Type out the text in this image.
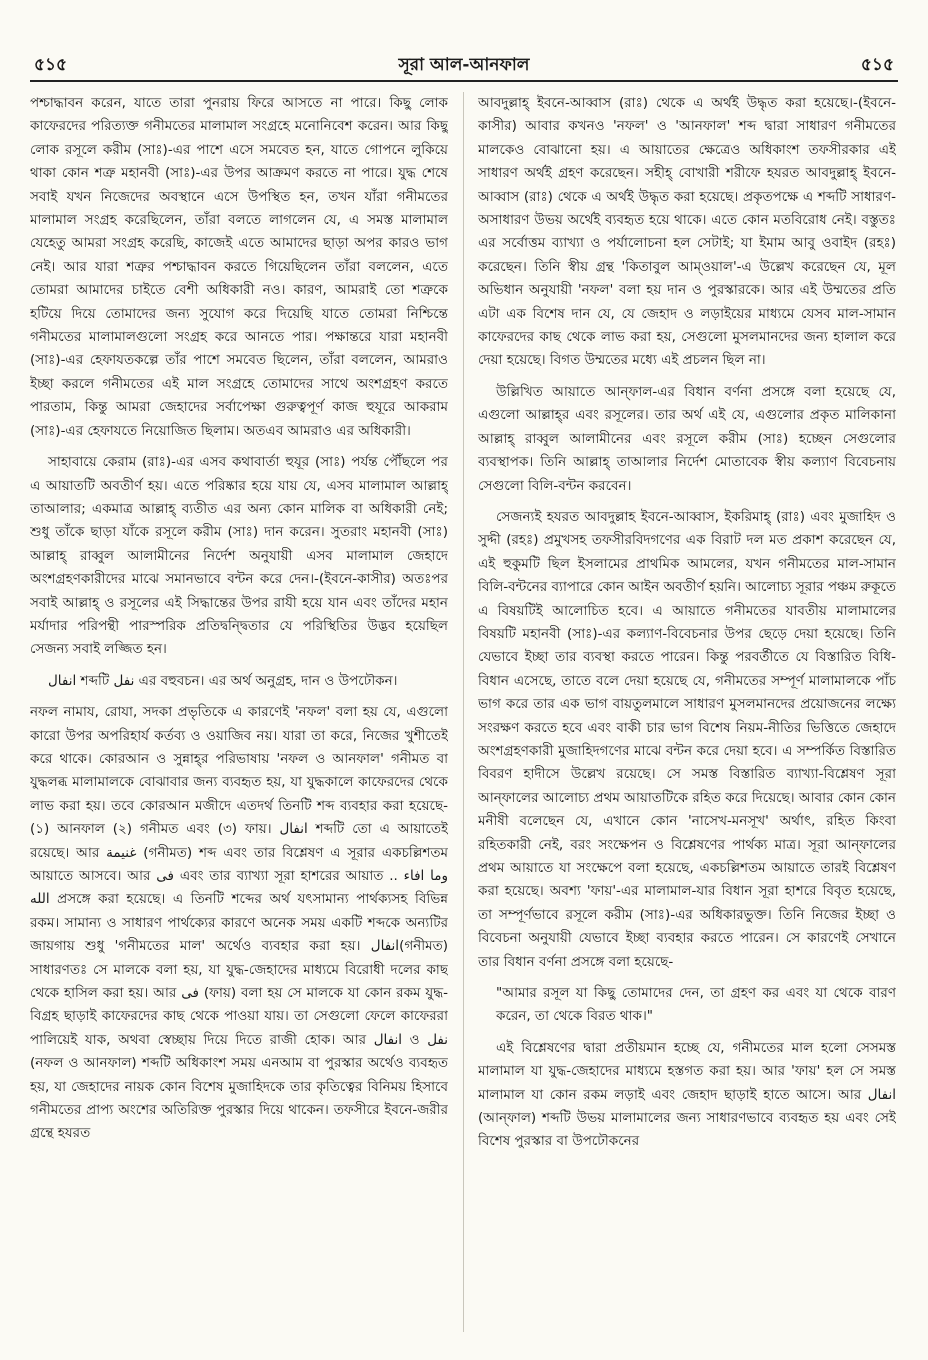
৫১৫	সূরা আল-আনফাল	৫১৫

পশ্চাদ্ধাবন করেন, যাতে তারা পুনরায় ফিরে আসতে না পারে। কিছু লোক কাফেরদের পরিত্যক্ত গনীমতের মালামাল সংগ্রহে মনোনিবেশ করেন। আর কিছু লোক রসূলে করীম (সাঃ)-এর পাশে এসে সমবেত হন, যাতে গোপনে লুকিয়ে থাকা কোন শত্রু মহানবী (সাঃ)-এর উপর আক্রমণ করতে না পারে। যুদ্ধ শেষে সবাই যখন নিজেদের অবস্থানে এসে উপস্থিত হন, তখন যাঁরা গনীমতের মালামাল সংগ্রহ করেছিলেন, তাঁরা বলতে লাগলেন যে, এ সমস্ত মালামাল যেহেতু আমরা সংগ্রহ করেছি, কাজেই এতে আমাদের ছাড়া অপর কারও ভাগ নেই। আর যারা শত্রুর পশ্চাদ্ধাবন করতে গিয়েছিলেন তাঁরা বললেন, এতে তোমরা আমাদের চাইতে বেশী অধিকারী নও। কারণ, আমরাই তো শত্রুকে হটিয়ে দিয়ে তোমাদের জন্য সুযোগ করে দিয়েছি যাতে তোমরা নিশ্চিন্তে গনীমতের মালামালগুলো সংগ্রহ করে আনতে পার। পক্ষান্তরে যারা মহানবী (সাঃ)-এর হেফাযতকল্পে তাঁর পাশে সমবেত ছিলেন, তাঁরা বললেন, আমরাও ইচ্ছা করলে গনীমতের এই মাল সংগ্রহে তোমাদের সাথে অংশগ্রহণ করতে পারতাম, কিন্তু আমরা জেহাদের সর্বাপেক্ষা গুরুত্বপূর্ণ কাজ হুযূরে আকরাম (সাঃ)-এর হেফাযতে নিয়োজিত ছিলাম। অতএব আমরাও এর অধিকারী।

সাহাবায়ে কেরাম (রাঃ)-এর এসব কথাবার্তা হুযূর (সাঃ) পর্যন্ত পৌঁছলে পর এ আয়াতটি অবতীর্ণ হয়। এতে পরিষ্কার হয়ে যায় যে, এসব মালামাল আল্লাহ্ তাআলার; একমাত্র আল্লাহ্ ব্যতীত এর অন্য কোন মালিক বা অধিকারী নেই; শুধু তাঁকে ছাড়া যাঁকে রসূলে করীম (সাঃ) দান করেন। সুতরাং মহানবী (সাঃ) আল্লাহ্ রাব্বুল আলামীনের নির্দেশ অনুযায়ী এসব মালামাল জেহাদে অংশগ্রহণকারীদের মাঝে সমানভাবে বন্টন করে দেন।-(ইবনে-কাসীর) অতঃপর সবাই আল্লাহ্ ও রসূলের এই সিদ্ধান্তের উপর রাযী হয়ে যান এবং তাঁদের মহান মর্যাদার পরিপন্থী পারস্পরিক প্রতিদ্বন্দ্বিতার যে পরিস্থিতির উদ্ভব হয়েছিল সেজন্য সবাই লজ্জিত হন।

انفال শব্দটি نفل এর বহুবচন। এর অর্থ অনুগ্রহ, দান ও উপঢৌকন।

নফল নামায, রোযা, সদকা প্রভৃতিকে এ কারণেই 'নফল' বলা হয় যে, এগুলো কারো উপর অপরিহার্য কর্তব্য ও ওয়াজিব নয়। যারা তা করে, নিজের খুশীতেই করে থাকে। কোরআন ও সুন্নাহ্‌র পরিভাষায় 'নফল ও আনফাল' গনীমত বা যুদ্ধলব্ধ মালামালকে বোঝাবার জন্য ব্যবহৃত হয়, যা যুদ্ধকালে কাফেরদের থেকে লাভ করা হয়। তবে কোরআন মজীদে এতদর্থ তিনটি শব্দ ব্যবহার করা হয়েছে- (১) আনফাল (২) গনীমত এবং (৩) ফায়। انفال শব্দটি তো এ আয়াতেই রয়েছে। আর غنيمة (গনীমত) শব্দ এবং তার বিশ্লেষণ এ সূরার একচল্লিশতম আয়াতে আসবে। আর فى এবং তার ব্যাখ্যা সূরা হাশরের আয়াত .. وما افاء الله প্রসঙ্গে করা হয়েছে। এ তিনটি শব্দের অর্থ যৎসামান্য পার্থক্যসহ বিভিন্ন রকম। সামান্য ও সাধারণ পার্থক্যের কারণে অনেক সময় একটি শব্দকে অন্যটির জায়গায় শুধু 'গনীমতের মাল' অর্থেও ব্যবহার করা হয়। انفال(গনীমত) সাধারণতঃ সে মালকে বলা হয়, যা যুদ্ধ-জেহাদের মাধ্যমে বিরোধী দলের কাছ থেকে হাসিল করা হয়। আর فى (ফায়) বলা হয় সে মালকে যা কোন রকম যুদ্ধ-বিগ্রহ ছাড়াই কাফেরদের কাছ থেকে পাওয়া যায়। তা সেগুলো ফেলে কাফেররা পালিয়েই যাক, অথবা স্বেচ্ছায় দিয়ে দিতে রাজী হোক। আর انفال ও نفل (নফল ও আনফাল) শব্দটি অধিকাংশ সময় এনআম বা পুরস্কার অর্থেও ব্যবহৃত হয়, যা জেহাদের নায়ক কোন বিশেষ মুজাহিদকে তার কৃতিত্বের বিনিময় হিসাবে গনীমতের প্রাপ্য অংশের অতিরিক্ত পুরস্কার দিয়ে থাকেন। তফসীরে ইবনে-জরীর গ্রন্থে হযরত

আবদুল্লাহ্ ইবনে-আব্বাস (রাঃ) থেকে এ অর্থই উদ্ধৃত করা হয়েছে।-(ইবনে-কাসীর) আবার কখনও 'নফল' ও 'আনফাল' শব্দ দ্বারা সাধারণ গনীমতের মালকেও বোঝানো হয়। এ আয়াতের ক্ষেত্রেও অধিকাংশ তফসীরকার এই সাধারণ অর্থই গ্রহণ করেছেন। সহীহ্ বোখারী শরীফে হযরত আবদুল্লাহ্ ইবনে-আব্বাস (রাঃ) থেকে এ অর্থই উদ্ধৃত করা হয়েছে। প্রকৃতপক্ষে এ শব্দটি সাধারণ-অসাধারণ উভয় অর্থেই ব্যবহৃত হয়ে থাকে। এতে কোন মতবিরোধ নেই। বস্তুতঃ এর সর্বোত্তম ব্যাখ্যা ও পর্যালোচনা হল সেটাই; যা ইমাম আবু ওবাইদ (রহঃ) করেছেন। তিনি স্বীয় গ্রন্থ 'কিতাবুল আম্ওয়াল'-এ উল্লেখ করেছেন যে, মূল অভিধান অনুযায়ী 'নফল' বলা হয় দান ও পুরস্কারকে। আর এই উম্মতের প্রতি এটা এক বিশেষ দান যে, যে জেহাদ ও লড়াইয়ের মাধ্যমে যেসব মাল-সামান কাফেরদের কাছ থেকে লাভ করা হয়, সেগুলো মুসলমানদের জন্য হালাল করে দেয়া হয়েছে। বিগত উম্মতের মধ্যে এই প্রচলন ছিল না।

উল্লিখিত আয়াতে আন্‌ফাল-এর বিধান বর্ণনা প্রসঙ্গে বলা হয়েছে যে, এগুলো আল্লাহ্‌র এবং রসূলের। তার অর্থ এই যে, এগুলোর প্রকৃত মালিকানা আল্লাহ্ রাব্বুল আলামীনের এবং রসূলে করীম (সাঃ) হচ্ছেন সেগুলোর ব্যবস্থাপক। তিনি আল্লাহ্ তাআলার নির্দেশ মোতাবেক স্বীয় কল্যাণ বিবেচনায় সেগুলো বিলি-বন্টন করবেন।

সেজন্যই হযরত আবদুল্লাহ ইবনে-আব্বাস, ইকরিমাহ্ (রাঃ) এবং মুজাহিদ ও সুদ্দী (রহঃ) প্রমুখসহ তফসীরবিদগণের এক বিরাট দল মত প্রকাশ করেছেন যে, এই হুকুমটি ছিল ইসলামের প্রাথমিক আমলের, যখন গনীমতের মাল-সামান বিলি-বন্টনের ব্যাপারে কোন আইন অবতীর্ণ হয়নি। আলোচ্য সূরার পঞ্চম রুকূতে এ বিষয়টিই আলোচিত হবে। এ আয়াতে গনীমতের যাবতীয় মালামালের বিষয়টি মহানবী (সাঃ)-এর কল্যাণ-বিবেচনার উপর ছেড়ে দেয়া হয়েছে। তিনি যেভাবে ইচ্ছা তার ব্যবস্থা করতে পারেন। কিন্তু পরবর্তীতে যে বিস্তারিত বিধি-বিধান এসেছে, তাতে বলে দেয়া হয়েছে যে, গনীমতের সম্পূর্ণ মালামালকে পাঁচ ভাগ করে তার এক ভাগ বায়তুলমালে সাধারণ মুসলমানদের প্রয়োজনের লক্ষ্যে সংরক্ষণ করতে হবে এবং বাকী চার ভাগ বিশেষ নিয়ম-নীতির ভিত্তিতে জেহাদে অংশগ্রহণকারী মুজাহিদগণের মাঝে বন্টন করে দেয়া হবে। এ সম্পর্কিত বিস্তারিত বিবরণ হাদীসে উল্লেখ রয়েছে। সে সমস্ত বিস্তারিত ব্যাখ্যা-বিশ্লেষণ সূরা আন্‌ফালের আলোচ্য প্রথম আয়াতটিকে রহিত করে দিয়েছে। আবার কোন কোন মনীষী বলেছেন যে, এখানে কোন 'নাসেখ-মনসূখ' অর্থাৎ, রহিত কিংবা রহিতকারী নেই, বরং সংক্ষেপন ও বিশ্লেষণের পার্থক্য মাত্র। সূরা আন্‌ফালের প্রথম আয়াতে যা সংক্ষেপে বলা হয়েছে, একচল্লিশতম আয়াতে তারই বিশ্লেষণ করা হয়েছে। অবশ্য 'ফায়'-এর মালামাল-যার বিধান সূরা হাশরে বিবৃত হয়েছে, তা সম্পূর্ণভাবে রসূলে করীম (সাঃ)-এর অধিকারভুক্ত। তিনি নিজের ইচ্ছা ও বিবেচনা অনুযায়ী যেভাবে ইচ্ছা ব্যবহার করতে পারেন। সে কারণেই সেখানে তার বিধান বর্ণনা প্রসঙ্গে বলা হয়েছে-

"আমার রসূল যা কিছু তোমাদের দেন, তা গ্রহণ কর এবং যা থেকে বারণ করেন, তা থেকে বিরত থাক।"

এই বিশ্লেষণের দ্বারা প্রতীয়মান হচ্ছে যে, গনীমতের মাল হলো সেসমস্ত মালামাল যা যুদ্ধ-জেহাদের মাধ্যমে হস্তগত করা হয়। আর 'ফায়' হল সে সমস্ত মালামাল যা কোন রকম লড়াই এবং জেহাদ ছাড়াই হাতে আসে। আর انفال (আন্‌ফাল) শব্দটি উভয় মালামালের জন্য সাধারণভাবে ব্যবহৃত হয় এবং সেই বিশেষ পুরস্কার বা উপঢৌকনের
